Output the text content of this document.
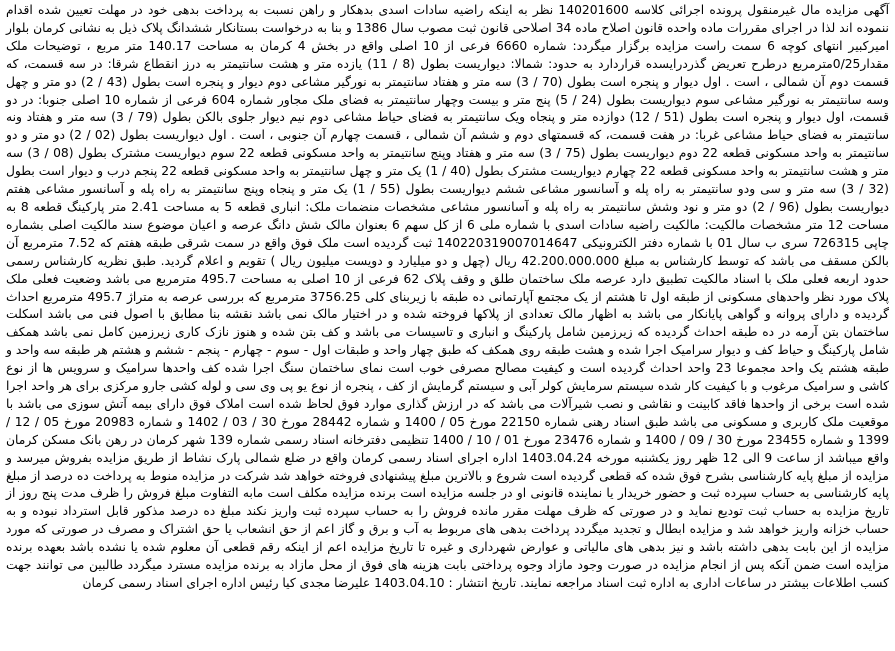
آگهی مزایده مال غیرمنقول پرونده اجرائی کلاسه 140201600 نظر به اینکه راضیه سادات اسدی بدهکار و راهن نسبت به پرداخت بدهی خود در مهلت تعیین شده اقدام ننموده اند لذا در اجرای مقررات ماده واحده قانون اصلاح ماده 34 اصلاحی قانون ثبت مصوب سال 1386 و بنا به درخواست بستانکار ششدانگ پلاک ذیل به نشانی کرمان بلوار امیرکبیر انتهای کوچه 6 سمت راست مزایده برگزار میگردد: شماره 6660 فرعی از 10 اصلی واقع در بخش 4 کرمان به مساحت 140.17 متر مربع ، توضیحات ملک مقدار0/25مترمربع درطرح تعریض گذردرایسده قراردارد به حدود: شمالا: دیواریست بطول (8 / 11) یازده متر و هشت سانتیمتر به درز انقطاع شرقا: در سه قسمت، که قسمت دوم آن شمالی ، است . اول دیوار و پنجره است بطول (70 / 3) سه متر و هفتاد سانتیمتر به نورگیر مشاعی دوم دیوار و پنجره است بطول (43 / 2) دو متر و چهل وسه سانتیمتر به نورگیر مشاعی سوم دیواریست بطول (24 / 5) پنج متر و بیست وچهار سانتیمتر به فضای ملک مجاور شماره 604 فرعی از شماره 10 اصلی جنوبا: در دو قسمت، اول دیوار و پنجره است بطول (51 / 12) دوازده متر و پنجاه ویک سانتیمتر به فضای حیاط مشاعی دوم نیم دیوار جلوی بالکن بطول (79 / 3) سه متر و هفتاد ونه سانتیمتر به فضای حیاط مشاعی غربا: در هفت قسمت، که قسمتهای دوم و ششم آن شمالی ، قسمت چهارم آن جنوبی ، است . اول دیواریست بطول (02 / 2) دو متر و دو سانتیمتر به واحد مسکونی قطعه 22 دوم دیواریست بطول (75 / 3) سه متر و هفتاد وپنج سانتیمتر به واحد مسکونی قطعه 22 سوم دیواریست مشترک بطول (08 / 3) سه متر و هشت سانتیمتر به واحد مسکونی قطعه 22 چهارم دیواریست مشترک بطول (40 / 1) یک متر و چهل سانتیمتر به واحد مسکونی قطعه 22 پنجم درب و دیوار است بطول (32 / 3) سه متر و سی ودو سانتیمتر به راه پله و آسانسور مشاعی ششم دیواریست بطول (55 / 1) یک متر و پنجاه وپنج سانتیمتر به راه پله و آسانسور مشاعی هفتم دیواریست بطول (96 / 2) دو متر و نود وشش سانتیمتر به راه پله و آسانسور مشاعی مشخصات منضمات ملک: انباری قطعه 5 به مساحت 2.41 متر پارکینگ قطعه 8 به مساحت 12 متر مشخصات مالکیت: مالکیت راضیه سادات اسدی با شماره ملی 6 از کل سهم 6 بعنوان مالک شش دانگ عرصه و اعیان موضوع سند مالکیت اصلی بشماره چاپی 726315 سری ب سال 01 با شماره دفتر الکترونیکی 140220319007014647 ثبت گردیده است ملک فوق واقع در سمت شرقی طبقه هفتم که 7.52 مترمربع آن بالکن مسقف می باشد که توسط کارشناس به مبلغ 42.200.000.000 ریال (چهل و دو میلیارد و دویست میلیون ریال ) تقویم و اعلام گردید. طبق نظریه کارشناس رسمی حدود اربعه فعلی ملک با اسناد مالکیت تطبیق دارد عرصه ملک ساختمان طلق و وقف پلاک 62 فرعی از 10 اصلی به مساحت 495.7 مترمربع می باشد وضعیت فعلی ملک پلاک مورد نظر واحدهای مسکونی از طبقه اول تا هشتم از یک مجتمع آپارتمانی ده طبقه با زیربنای کلی 3756.25 مترمربع که بررسی عرصه به متراژ 495.7 مترمربع احداث گردیده و دارای پروانه و گواهی پایانکار می باشد به اظهار مالک تعدادی از پلاکها فروخته شده و در اختیار مالک نمی باشد نقشه بنا مطابق با اصول فنی می باشد اسکلت ساختمان بتن آرمه در ده طبقه احداث گردیده که زیرزمین شامل پارکینگ و انباری و تاسیسات می باشد و کف بتن شده و هنوز نازک کاری زیرزمین کامل نمی باشد همکف شامل پارکینگ و حیاط کف و دیوار سرامیک اجرا شده و هشت طبقه روی همکف که طبق چهار واحد و طبقات اول - سوم - چهارم - پنجم - ششم و هشتم هر طبقه سه واحد و طبقه هشتم یک واحد مجموعا 23 واحد احداث گردیده است و کیفیت مصالح مصرفی خوب است نمای ساختمان سنگ اجرا شده کف واحدها سرامیک و سرویس ها از نوع کاشی و سرامیک مرغوب و با کیفیت کار شده سیستم سرمایش کولر آبی و سیستم گرمایش از کف ، پنجره از نوع یو پی وی سی و لوله کشی جارو مرکزی برای هر واحد اجرا شده است برخی از واحدها فاقد کابینت و نقاشی و نصب شیرآلات می باشد که در ارزش گذاری موارد فوق لحاظ شده است املاک فوق دارای بیمه آتش سوزی می باشد با موقعیت ملک کاربری و مسکونی می باشد طبق اسناد رهنی شماره 22150 مورخ 05 / 1400 و شماره 28442 مورخ 30 / 03 / 1402 و شماره 20983 مورخ 05 / 12 / 1399 و شماره 23455 مورخ 30 / 09 / 1400 و شماره 23476 مورخ 01 / 10 / 1400 تنظیمی دفترخانه اسناد رسمی شماره 139 شهر کرمان در رهن بانک مسکن کرمان واقع میباشد از ساعت 9 الی 12 ظهر روز یکشنبه مورخه 1403.04.24 اداره اجرای اسناد رسمی کرمان واقع در ضلع شمالی پارک نشاط از طریق مزایده بفروش میرسد و مزایده از مبلغ پایه کارشناسی بشرح فوق شده که قطعی گردیده است شروع و بالاترین مبلغ پیشنهادی فروخته خواهد شد شرکت در مزایده منوط به پرداخت ده درصد از مبلغ پایه کارشناسی به حساب سپرده ثبت و حضور خریدار یا نماینده قانونی او در جلسه مزایده است برنده مزایده مکلف است مابه التفاوت مبلغ فروش را ظرف مدت پنج روز از تاریخ مزایده به حساب ثبت تودیع نماید و در صورتی که ظرف مهلت مقرر مانده فروش را به حساب سپرده ثبت واریز نکند مبلغ ده درصد مذکور قابل استرداد نبوده و به حساب خزانه واریز خواهد شد و مزایده ابطال و تجدید میگردد پرداخت بدهی های مربوط به آب و برق و گاز اعم از حق انشعاب یا حق اشتراک و مصرف در صورتی که مورد مزایده از این بابت بدهی داشته باشد و نیز بدهی های مالیاتی و عوارض شهرداری و غیره تا تاریخ مزایده اعم از اینکه رقم قطعی آن معلوم شده یا نشده باشد بعهده برنده مزایده است ضمن آنکه پس از انجام مزایده در صورت وجود مازاد وجوه پرداختی بابت هزینه های فوق از محل مازاد به برنده مزایده مسترد میگردد طالبین می توانند جهت کسب اطلاعات بیشتر در ساعات اداری به اداره ثبت اسناد مراجعه نمایند. تاریخ انتشار : 1403.04.10 علیرضا مجدی کیا رئیس اداره اجرای اسناد رسمی کرمان
